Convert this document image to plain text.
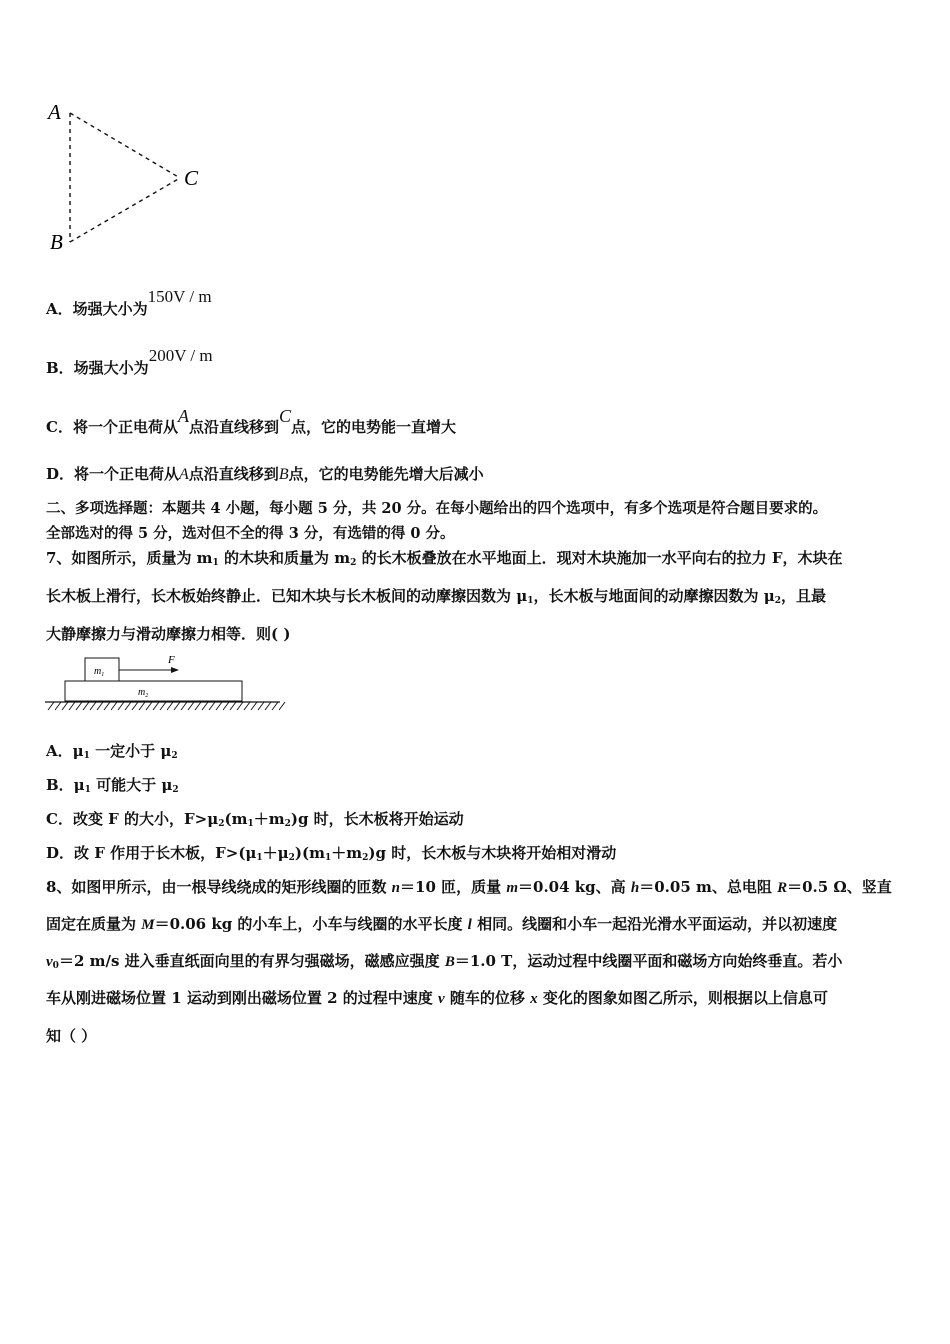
A
B
C
A．场强大小为150V / m
B．场强大小为200V / m
C．将一个正电荷从A点沿直线移到C点，它的电势能一直增大
D．将一个正电荷从A点沿直线移到B点，它的电势能先增大后减小
二、多项选择题：本题共 4 小题，每小题 5 分，共 20 分。在每小题给出的四个选项中，有多个选项是符合题目要求的。
全部选对的得 5 分，选对但不全的得 3 分，有选错的得 0 分。
7、如图所示，质量为 $m_1$ 的木块和质量为 $m_2$ 的长木板叠放在水平地面上．现对木块施加一水平向右的拉力 F，木块在
长木板上滑行，长木板始终静止．已知木块与长木板间的动摩擦因数为 $\mu_1$，长木板与地面间的动摩擦因数为 $\mu_2$，且最
大静摩擦力与滑动摩擦力相等．则( )
$m_1$
F
$m_2$
A．$\mu_1$ 一定小于 $\mu_2$
B．$\mu_1$ 可能大于 $\mu_2$
C．改变 F 的大小，$F>\mu_2(m_1+m_2)g$ 时，长木板将开始运动
D．改 F 作用于长木板，$F>(\mu_1+\mu_2)(m_1+m_2)g$ 时，长木板与木块将开始相对滑动
8、如图甲所示，由一根导线绕成的矩形线圈的匝数 n＝10 匝，质量 m＝0.04 kg、高 h＝0.05 m、总电阻 R＝0.5 Ω、竖直
固定在质量为 M＝0.06 kg 的小车上，小车与线圈的水平长度 l 相同。线圈和小车一起沿光滑水平面运动，并以初速度
$v_0=2$ m/s 进入垂直纸面向里的有界匀强磁场，磁感应强度 B＝1.0 T，运动过程中线圈平面和磁场方向始终垂直。若小
车从刚进磁场位置 1 运动到刚出磁场位置 2 的过程中速度 v 随车的位移 x 变化的图象如图乙所示，则根据以上信息可
知（ ）
